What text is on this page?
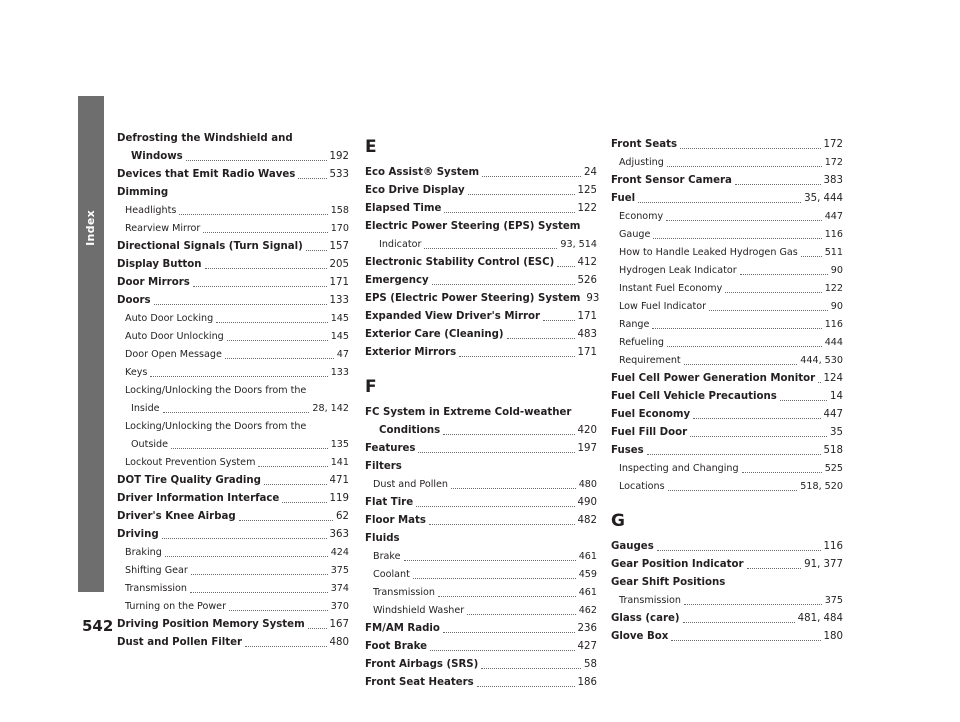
Index
Defrosting the Windshield and
Windows	192
Devices that Emit Radio Waves	533
Dimming
Headlights	158
Rearview Mirror	170
Directional Signals (Turn Signal)	157
Display Button	205
Door Mirrors	171
Doors	133
Auto Door Locking	145
Auto Door Unlocking	145
Door Open Message	47
Keys	133
Locking/Unlocking the Doors from the
Inside	28, 142
Locking/Unlocking the Doors from the
Outside	135
Lockout Prevention System	141
DOT Tire Quality Grading	471
Driver Information Interface	119
Driver's Knee Airbag	62
Driving	363
Braking	424
Shifting Gear	375
Transmission	374
Turning on the Power	370
Driving Position Memory System 167
Dust and Pollen Filter	480
E
Eco Assist® System	24
Eco Drive Display	125
Elapsed Time	122
Electric Power Steering (EPS) System
Indicator	93, 514
Electronic Stability Control (ESC) 412
Emergency	526
EPS (Electric Power Steering) System 93
Expanded View Driver's Mirror	171
Exterior Care (Cleaning)	483
Exterior Mirrors	171
F
FC System in Extreme Cold-weather
Conditions	420
Features	197
Filters
Dust and Pollen	480
Flat Tire	490
Floor Mats	482
Fluids
Brake	461
Coolant	459
Transmission	461
Windshield Washer	462
FM/AM Radio	236
Foot Brake	427
Front Airbags (SRS)	58
Front Seat Heaters	186
Front Seats	172
Adjusting	172
Front Sensor Camera	383
Fuel	35, 444
Economy	447
Gauge	116
How to Handle Leaked Hydrogen Gas	511
Hydrogen Leak Indicator	90
Instant Fuel Economy	122
Low Fuel Indicator	90
Range	116
Refueling	444
Requirement	444, 530
Fuel Cell Power Generation Monitor 124
Fuel Cell Vehicle Precautions	14
Fuel Economy	447
Fuel Fill Door	35
Fuses	518
Inspecting and Changing	525
Locations	518, 520
G
Gauges	116
Gear Position Indicator	91, 377
Gear Shift Positions
Transmission	375
Glass (care)	481, 484
Glove Box	180
542
